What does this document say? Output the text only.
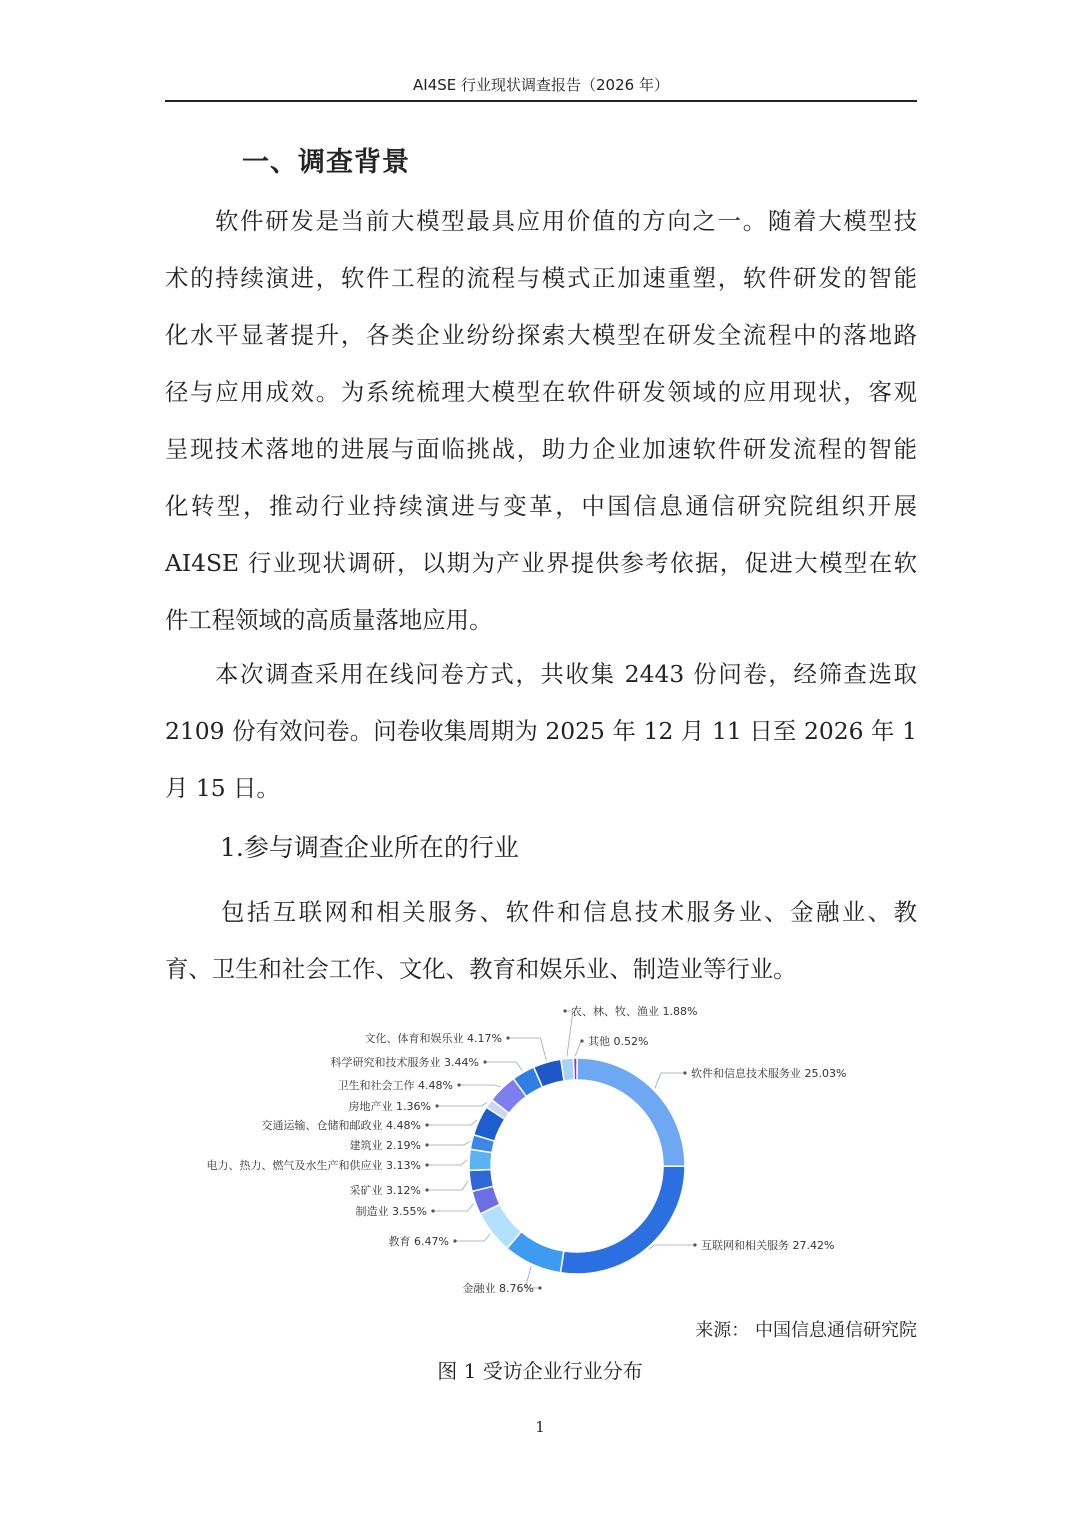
AI4SE 行业现状调查报告（2026 年）
一、调查背景
软件研发是当前大模型最具应用价值的方向之一。随着大模型技
术的持续演进，软件工程的流程与模式正加速重塑，软件研发的智能
化水平显著提升，各类企业纷纷探索大模型在研发全流程中的落地路
径与应用成效。为系统梳理大模型在软件研发领域的应用现状，客观
呈现技术落地的进展与面临挑战，助力企业加速软件研发流程的智能
化转型，推动行业持续演进与变革，中国信息通信研究院组织开展
AI4SE 行业现状调研，以期为产业界提供参考依据，促进大模型在软
件工程领域的高质量落地应用。
本次调查采用在线问卷方式，共收集 2443 份问卷，经筛查选取
2109 份有效问卷。问卷收集周期为 2025 年 12 月 11 日至 2026 年 1
月 15 日。
1.参与调查企业所在的行业
包括互联网和相关服务、软件和信息技术服务业、金融业、教
育、卫生和社会工作、文化、教育和娱乐业、制造业等行业。
软件和信息技术服务业 25.03%
互联网和相关服务 27.42%
金融业 8.76%
教育 6.47%
制造业 3.55%
采矿业 3.12%
电力、热力、燃气及水生产和供应业 3.13%
建筑业 2.19%
交通运输、仓储和邮政业 4.48%
房地产业 1.36%
卫生和社会工作 4.48%
科学研究和技术服务业 3.44%
文化、体育和娱乐业 4.17%
农、林、牧、渔业 1.88%
其他 0.52%
来源： 中国信息通信研究院
图 1 受访企业行业分布
1
